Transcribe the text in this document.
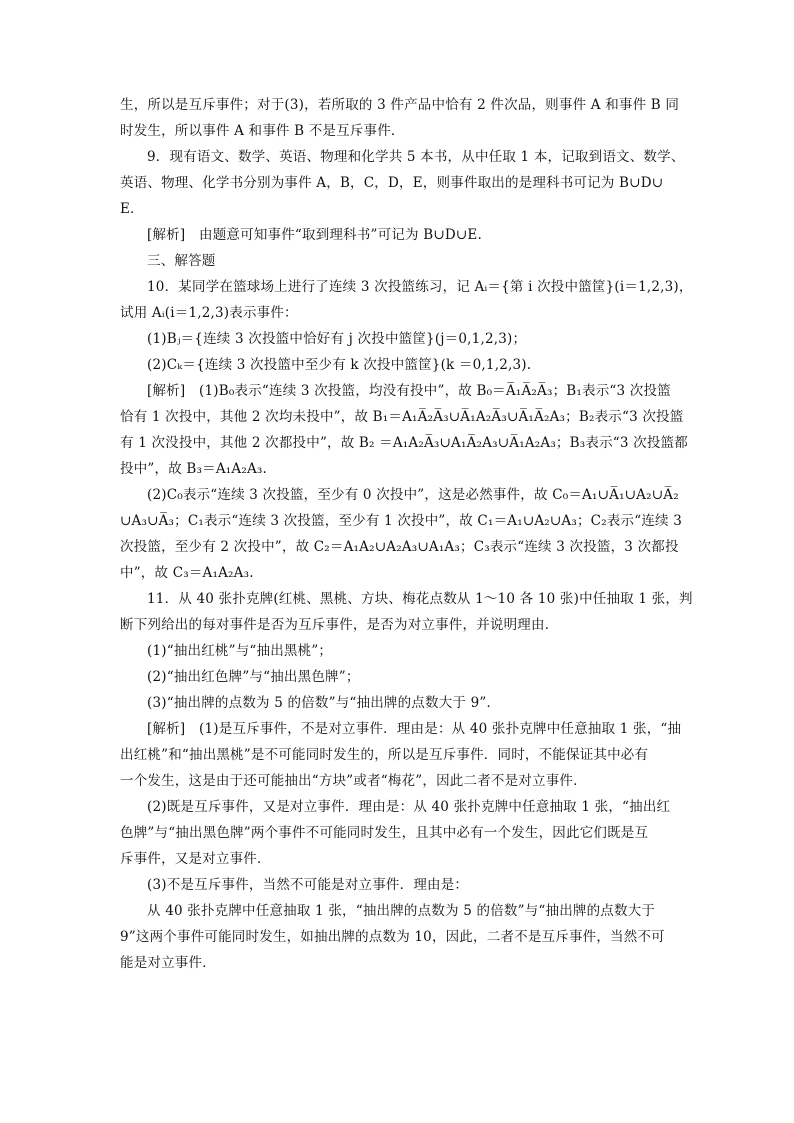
生，所以是互斥事件；对于(3)，若所取的 3 件产品中恰有 2 件次品，则事件 A 和事件 B 同

时发生，所以事件 A 和事件 B 不是互斥事件．

9．现有语文、数学、英语、物理和化学共 5 本书，从中任取 1 本，记取到语文、数学、

英语、物理、化学书分别为事件 A，B，C，D，E，则事件取出的是理科书可记为 B∪D∪

E．

[解析]　由题意可知事件“取到理科书”可记为 B∪D∪E.

三、解答题

10．某同学在篮球场上进行了连续 3 次投篮练习，记 Aᵢ＝{第 i 次投中篮筐}(i＝1,2,3)，

试用 Aᵢ(i＝1,2,3)表示事件：

(1)Bⱼ＝{连续 3 次投篮中恰好有 j 次投中篮筐}(j＝0,1,2,3)；

(2)Cₖ＝{连续 3 次投篮中至少有 k 次投中篮筐}(k ＝0,1,2,3).

[解析]　(1)B₀表示“连续 3 次投篮，均没有投中”，故 B₀＝A̅₁A̅₂A̅₃；B₁表示“3 次投篮

恰有 1 次投中，其他 2 次均未投中”，故 B₁＝A₁A̅₂A̅₃∪A̅₁A₂A̅₃∪A̅₁A̅₂A₃；B₂表示“3 次投篮

有 1 次没投中，其他 2 次都投中”，故 B₂ ＝A₁A₂A̅₃∪A₁A̅₂A₃∪A̅₁A₂A₃；B₃表示“3 次投篮都

投中”，故 B₃＝A₁A₂A₃.

(2)C₀表示“连续 3 次投篮，至少有 0 次投中”，这是必然事件，故 C₀＝A₁∪A̅₁∪A₂∪A̅₂

∪A₃∪A̅₃；C₁表示“连续 3 次投篮，至少有 1 次投中”，故 C₁＝A₁∪A₂∪A₃；C₂表示“连续 3

次投篮，至少有 2 次投中”，故 C₂＝A₁A₂∪A₂A₃∪A₁A₃；C₃表示“连续 3 次投篮，3 次都投

中”，故 C₃＝A₁A₂A₃.

11．从 40 张扑克牌(红桃、黑桃、方块、梅花点数从 1～10 各 10 张)中任抽取 1 张，判

断下列给出的每对事件是否为互斥事件，是否为对立事件，并说明理由．

(1)“抽出红桃”与“抽出黑桃”；

(2)“抽出红色牌”与“抽出黑色牌”；

(3)“抽出牌的点数为 5 的倍数”与“抽出牌的点数大于 9”．

[解析]　(1)是互斥事件，不是对立事件．理由是：从 40 张扑克牌中任意抽取 1 张，“抽

出红桃”和“抽出黑桃”是不可能同时发生的，所以是互斥事件．同时，不能保证其中必有

一个发生，这是由于还可能抽出“方块”或者“梅花”，因此二者不是对立事件．

(2)既是互斥事件，又是对立事件．理由是：从 40 张扑克牌中任意抽取 1 张，“抽出红

色牌”与“抽出黑色牌”两个事件不可能同时发生，且其中必有一个发生，因此它们既是互

斥事件，又是对立事件．

(3)不是互斥事件，当然不可能是对立事件．理由是：

从 40 张扑克牌中任意抽取 1 张，“抽出牌的点数为 5 的倍数”与“抽出牌的点数大于

9”这两个事件可能同时发生，如抽出牌的点数为 10，因此，二者不是互斥事件，当然不可

能是对立事件．
